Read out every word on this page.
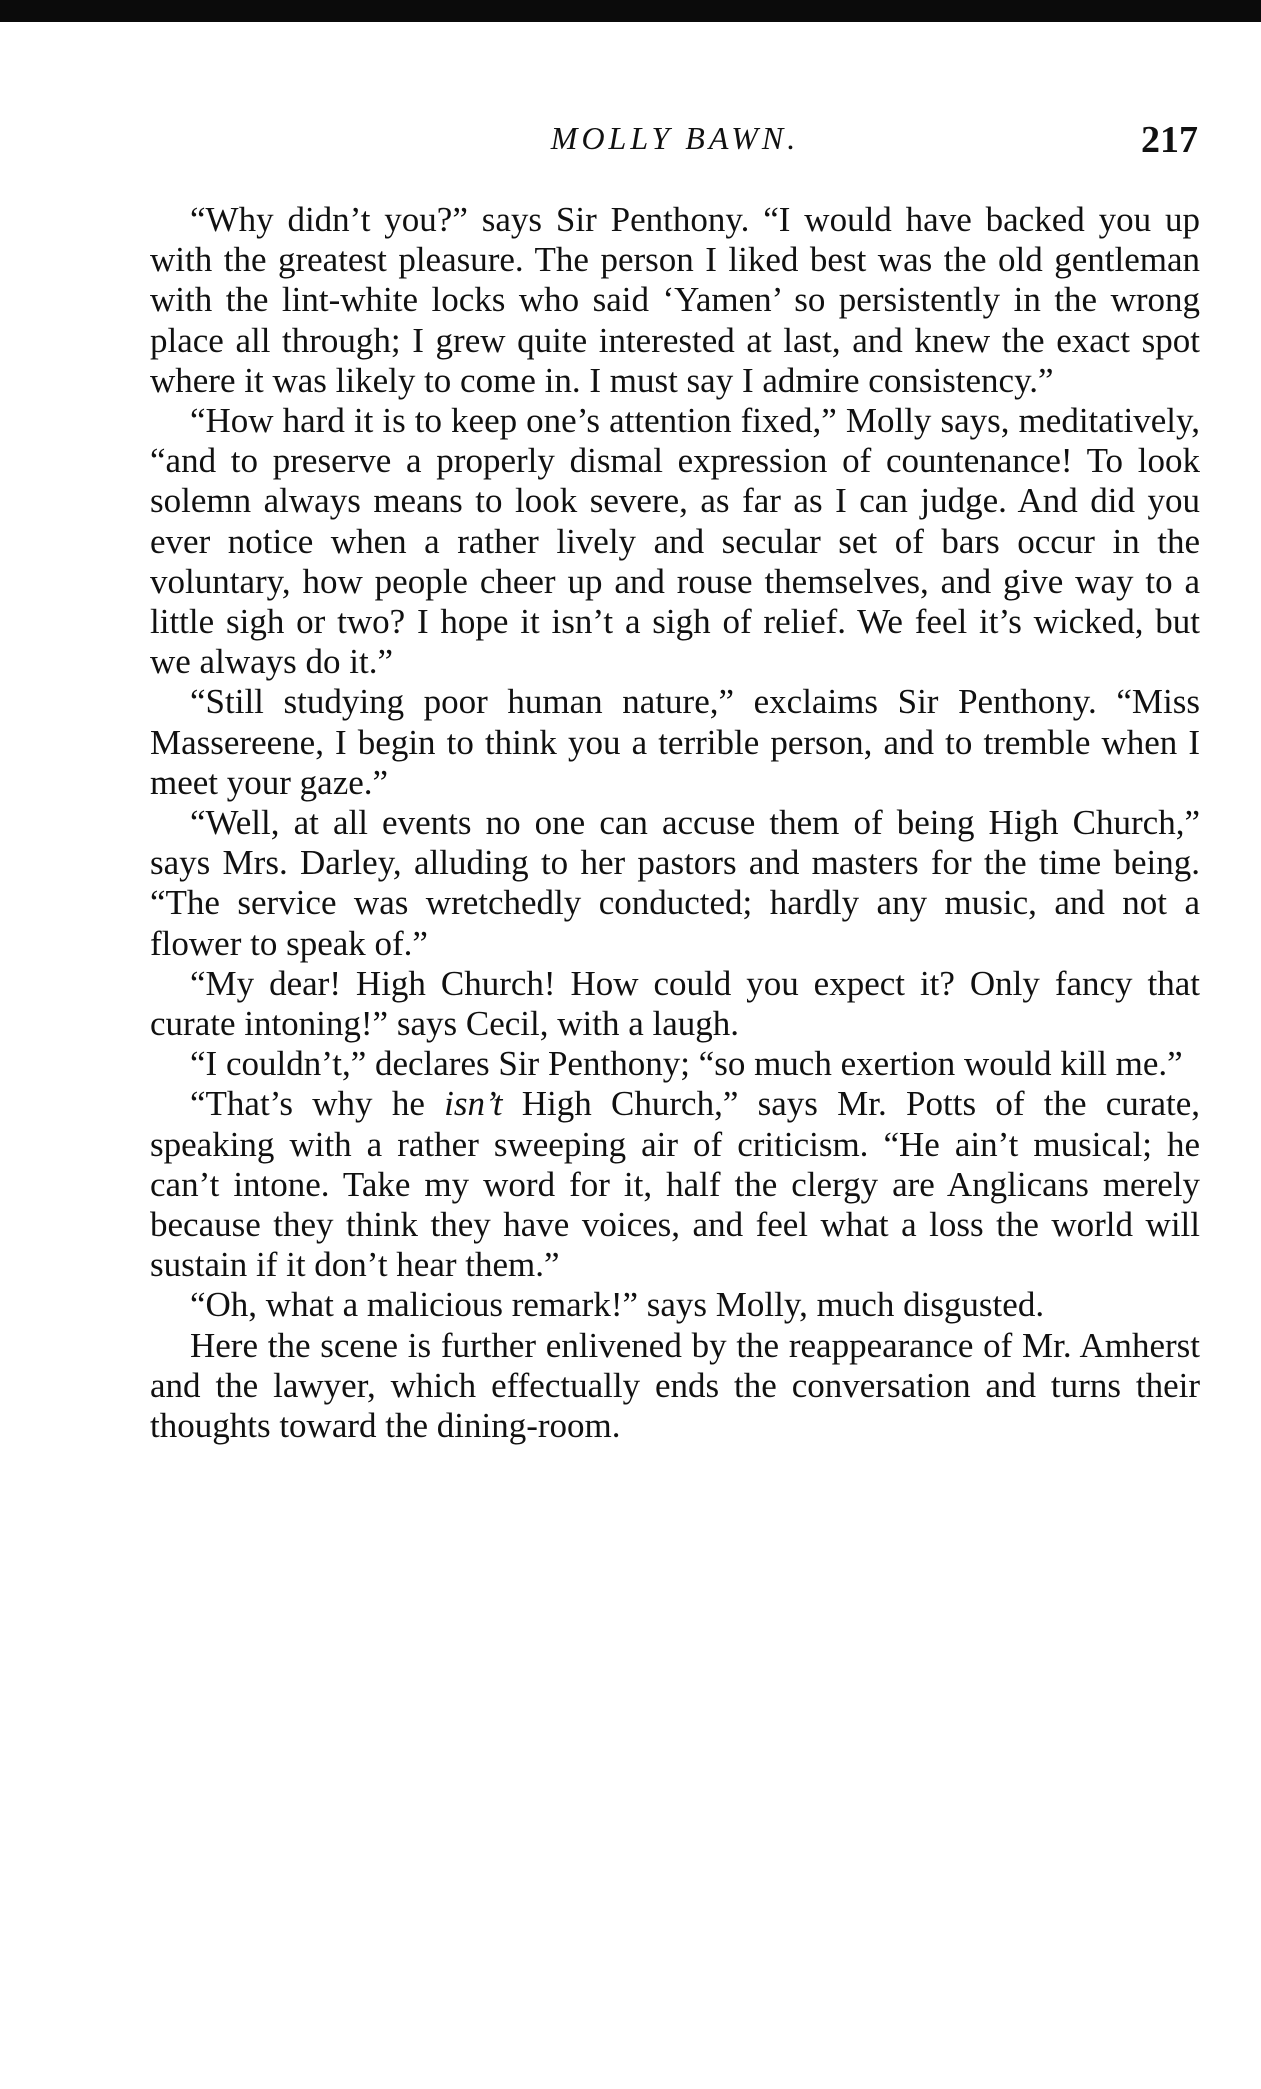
MOLLY BAWN.	217

“Why didn’t you?” says Sir Penthony. “I would have backed you up with the greatest pleasure. The person I liked best was the old gentleman with the lint-white locks who said ‘Yamen’ so persistently in the wrong place all through; I grew quite interested at last, and knew the exact spot where it was likely to come in. I must say I admire consistency.”

“How hard it is to keep one’s attention fixed,” Molly says, meditatively, “and to preserve a properly dismal expression of countenance! To look solemn always means to look severe, as far as I can judge. And did you ever notice when a rather lively and secular set of bars occur in the voluntary, how people cheer up and rouse themselves, and give way to a little sigh or two? I hope it isn’t a sigh of relief. We feel it’s wicked, but we always do it.”

“Still studying poor human nature,” exclaims Sir Penthony. “Miss Massereene, I begin to think you a terrible person, and to tremble when I meet your gaze.”

“Well, at all events no one can accuse them of being High Church,” says Mrs. Darley, alluding to her pastors and masters for the time being. “The service was wretchedly conducted; hardly any music, and not a flower to speak of.”

“My dear! High Church! How could you expect it? Only fancy that curate intoning!” says Cecil, with a laugh.

“I couldn’t,” declares Sir Penthony; “so much exertion would kill me.”

“That’s why he isn’t High Church,” says Mr. Potts of the curate, speaking with a rather sweeping air of criticism. “He ain’t musical; he can’t intone. Take my word for it, half the clergy are Anglicans merely because they think they have voices, and feel what a loss the world will sustain if it don’t hear them.”

“Oh, what a malicious remark!” says Molly, much disgusted.

Here the scene is further enlivened by the reappearance of Mr. Amherst and the lawyer, which effectually ends the conversation and turns their thoughts toward the dining-room.
